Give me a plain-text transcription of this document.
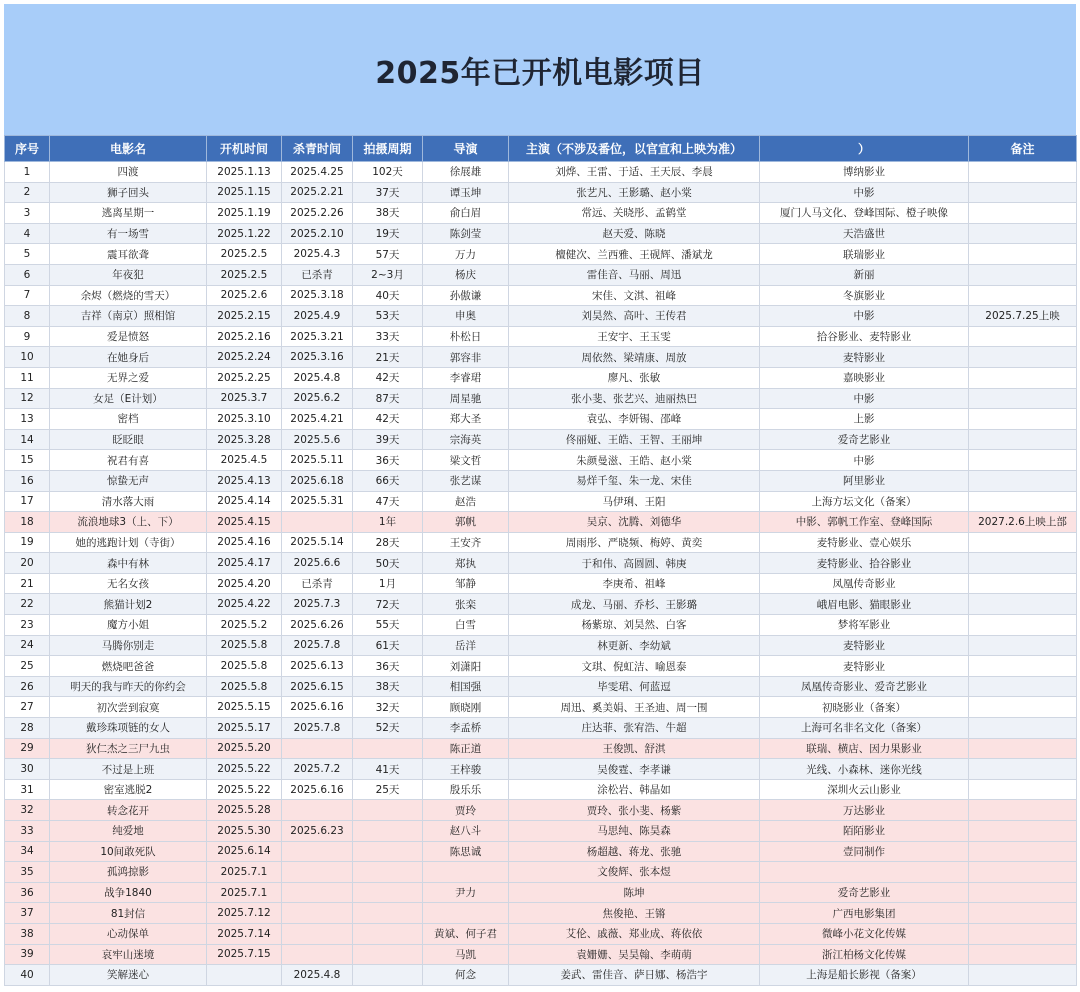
2025年已开机电影项目
序号	电影名	开机时间	杀青时间	拍摄周期	导演	主演（不涉及番位，以官宣和上映为准）	）	备注
1	四渡	2025.1.13	2025.4.25	102天	徐展雄	刘烨、王雷、于适、王天辰、李晨	博纳影业	
2	狮子回头	2025.1.15	2025.2.21	37天	谭玉坤	张艺凡、王影璐、赵小棠	中影	
3	逃离星期一	2025.1.19	2025.2.26	38天	俞白眉	常远、关晓彤、孟鹤堂	厦门人马文化、登峰国际、橙子映像	
4	有一场雪	2025.1.22	2025.2.10	19天	陈剑莹	赵天爱、陈晓	天浩盛世	
5	震耳欲聋	2025.2.5	2025.4.3	57天	万力	檀健次、兰西雅、王砚辉、潘斌龙	联瑞影业	
6	年夜犯	2025.2.5	已杀青	2~3月	杨庆	雷佳音、马丽、周迅	新丽	
7	余烬（燃烧的雪天）	2025.2.6	2025.3.18	40天	孙傲谦	宋佳、文淇、祖峰	冬旗影业	
8	吉祥（南京）照相馆	2025.2.15	2025.4.9	53天	申奥	刘昊然、高叶、王传君	中影	2025.7.25上映
9	爱是愤怒	2025.2.16	2025.3.21	33天	朴松日	王安宇、王玉雯	拾谷影业、麦特影业	
10	在她身后	2025.2.24	2025.3.16	21天	郭容非	周依然、梁靖康、周放	麦特影业	
11	无界之爱	2025.2.25	2025.4.8	42天	李睿珺	廖凡、张敏	嘉映影业	
12	女足（E计划）	2025.3.7	2025.6.2	87天	周星驰	张小斐、张艺兴、迪丽热巴	中影	
13	密档	2025.3.10	2025.4.21	42天	郑大圣	袁弘、李妍锡、邵峰	上影	
14	眨眨眼	2025.3.28	2025.5.6	39天	宗海英	佟丽娅、王皓、王智、王丽坤	爱奇艺影业	
15	祝君有喜	2025.4.5	2025.5.11	36天	梁文哲	朱颜曼滋、王皓、赵小棠	中影	
16	惊蛰无声	2025.4.13	2025.6.18	66天	张艺谋	易烊千玺、朱一龙、宋佳	阿里影业	
17	清水落大雨	2025.4.14	2025.5.31	47天	赵浩	马伊琍、王阳	上海方坛文化（备案）	
18	流浪地球3（上、下）	2025.4.15		1年	郭帆	吴京、沈腾、刘德华	中影、郭帆工作室、登峰国际	2027.2.6上映上部
19	她的逃跑计划（寺街）	2025.4.16	2025.5.14	28天	王安齐	周雨彤、严晓频、梅婷、黄奕	麦特影业、壹心娱乐	
20	森中有林	2025.4.17	2025.6.6	50天	郑执	于和伟、高圆圆、韩庚	麦特影业、拾谷影业	
21	无名女孩	2025.4.20	已杀青	1月	邹静	李庚希、祖峰	凤凰传奇影业	
22	熊猫计划2	2025.4.22	2025.7.3	72天	张栾	成龙、马丽、乔杉、王影璐	峨眉电影、猫眼影业	
23	魔方小姐	2025.5.2	2025.6.26	55天	白雪	杨紫琼、刘昊然、白客	梦将军影业	
24	马腾你别走	2025.5.8	2025.7.8	61天	岳洋	林更新、李幼斌	麦特影业	
25	燃烧吧爸爸	2025.5.8	2025.6.13	36天	刘潇阳	文琪、倪虹洁、喻恩泰	麦特影业	
26	明天的我与昨天的你约会	2025.5.8	2025.6.15	38天	相国强	毕雯珺、何蓝逗	凤凰传奇影业、爱奇艺影业	
27	初次尝到寂寞	2025.5.15	2025.6.16	32天	顾晓刚	周迅、奚美娟、王圣迪、周一围	初晓影业（备案）	
28	戴珍珠项链的女人	2025.5.17	2025.7.8	52天	李孟桥	庄达菲、张宥浩、牛超	上海可名非名文化（备案）	
29	狄仁杰之三尸九虫	2025.5.20			陈正道	王俊凯、舒淇	联瑞、横店、因力果影业	
30	不过是上班	2025.5.22	2025.7.2	41天	王梓骏	吴俊霆、李孝谦	光线、小森林、迷你光线	
31	密室逃脱2	2025.5.22	2025.6.16	25天	殷乐乐	涂松岩、韩晶如	深圳火云山影业	
32	转念花开	2025.5.28			贾玲	贾玲、张小斐、杨紫	万达影业	
33	纯爱地	2025.5.30	2025.6.23		赵八斗	马思纯、陈昊森	陌陌影业	
34	10间敢死队	2025.6.14			陈思诚	杨超越、蒋龙、张驰	壹同制作	
35	孤鸿掠影	2025.7.1				文俊辉、张本煜		
36	战争1840	2025.7.1			尹力	陈坤	爱奇艺影业	
37	81封信	2025.7.12				焦俊艳、王锵	广西电影集团	
38	心动保单	2025.7.14			黄斌、何子君	艾伦、戚薇、郑业成、蒋依依	微峰小花文化传媒	
39	哀牢山迷境	2025.7.15			马凯	袁姗姗、吴昊翰、李萌萌	浙江柏杨文化传媒	
40	笑解迷心		2025.4.8		何念	姜武、雷佳音、萨日娜、杨浩宇	上海是船长影视（备案）	
